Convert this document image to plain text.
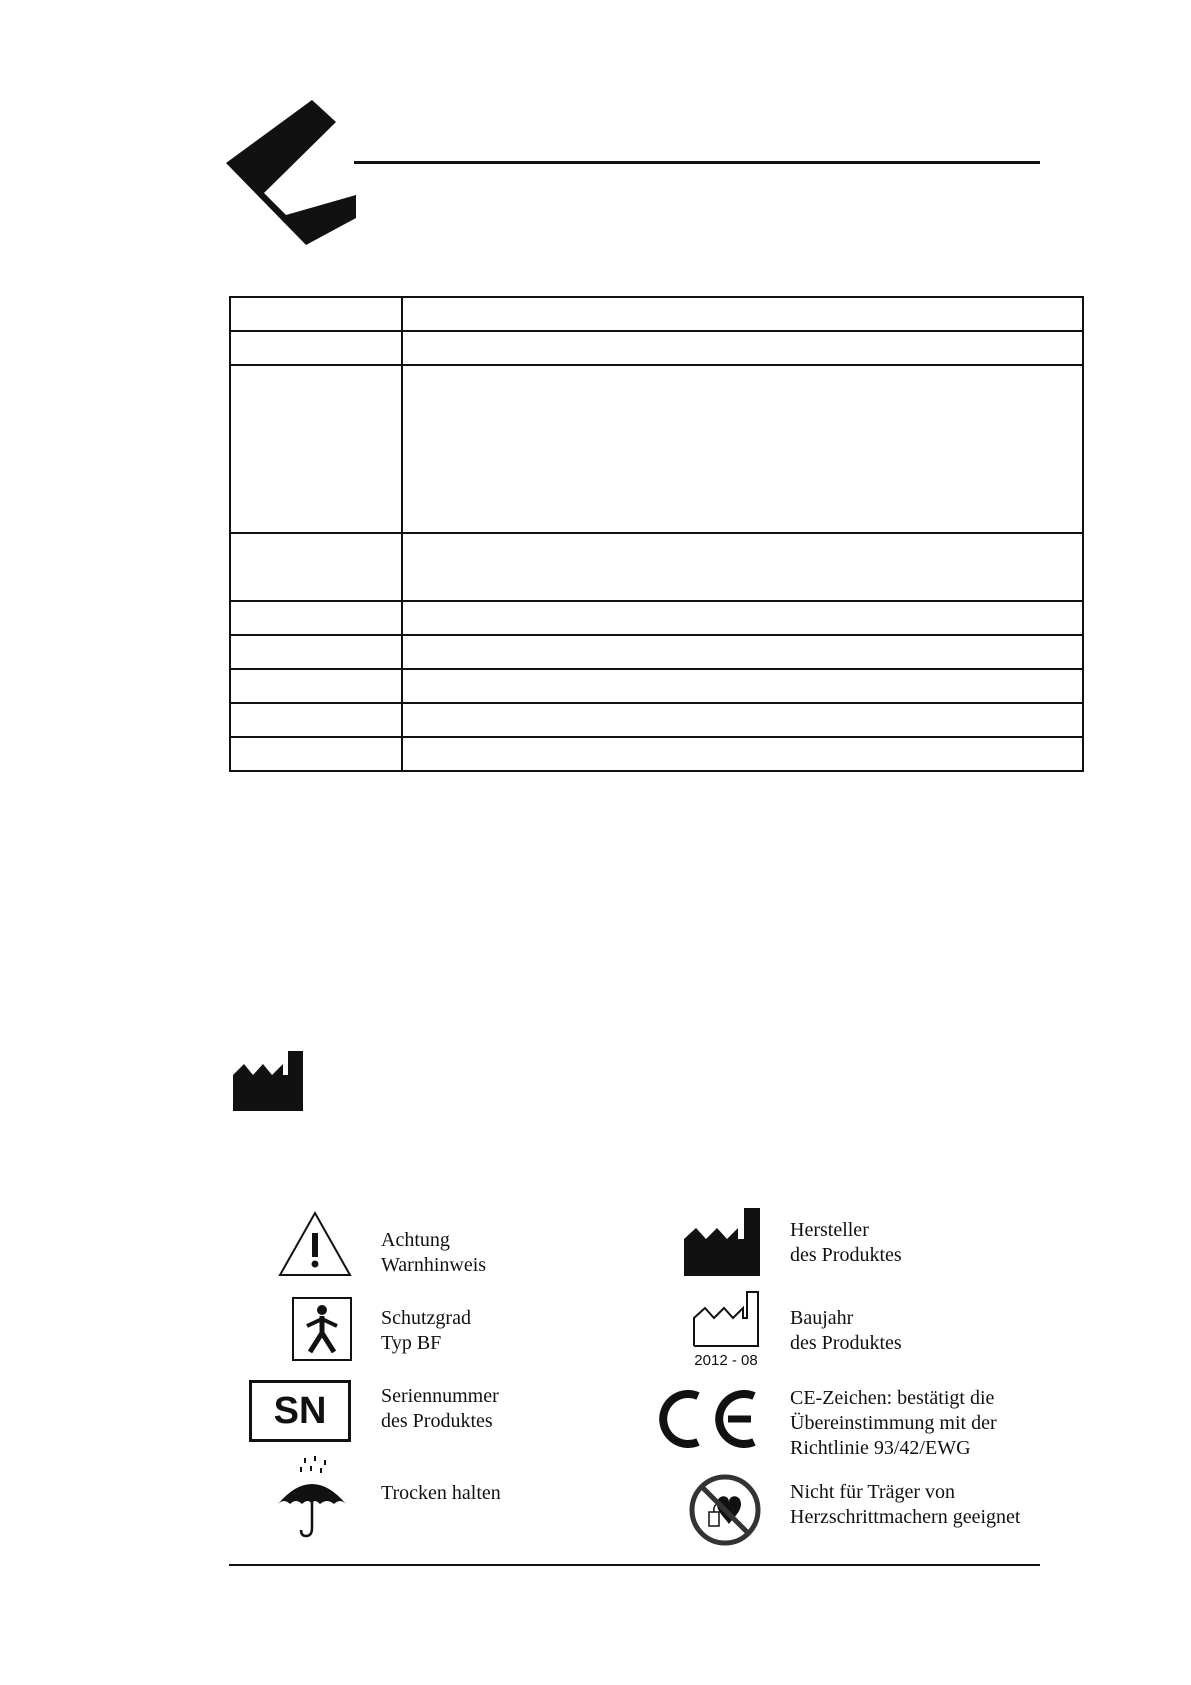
Achtung
Warnhinweis
Schutzgrad
Typ BF
SN	Seriennummer
des Produktes
Trocken halten
Hersteller
des Produktes
2012 - 08
Baujahr
des Produktes
CE-Zeichen: bestätigt die
Übereinstimmung mit der
Richtlinie 93/42/EWG
Nicht für Träger von
Herzschrittmachern geeignet
